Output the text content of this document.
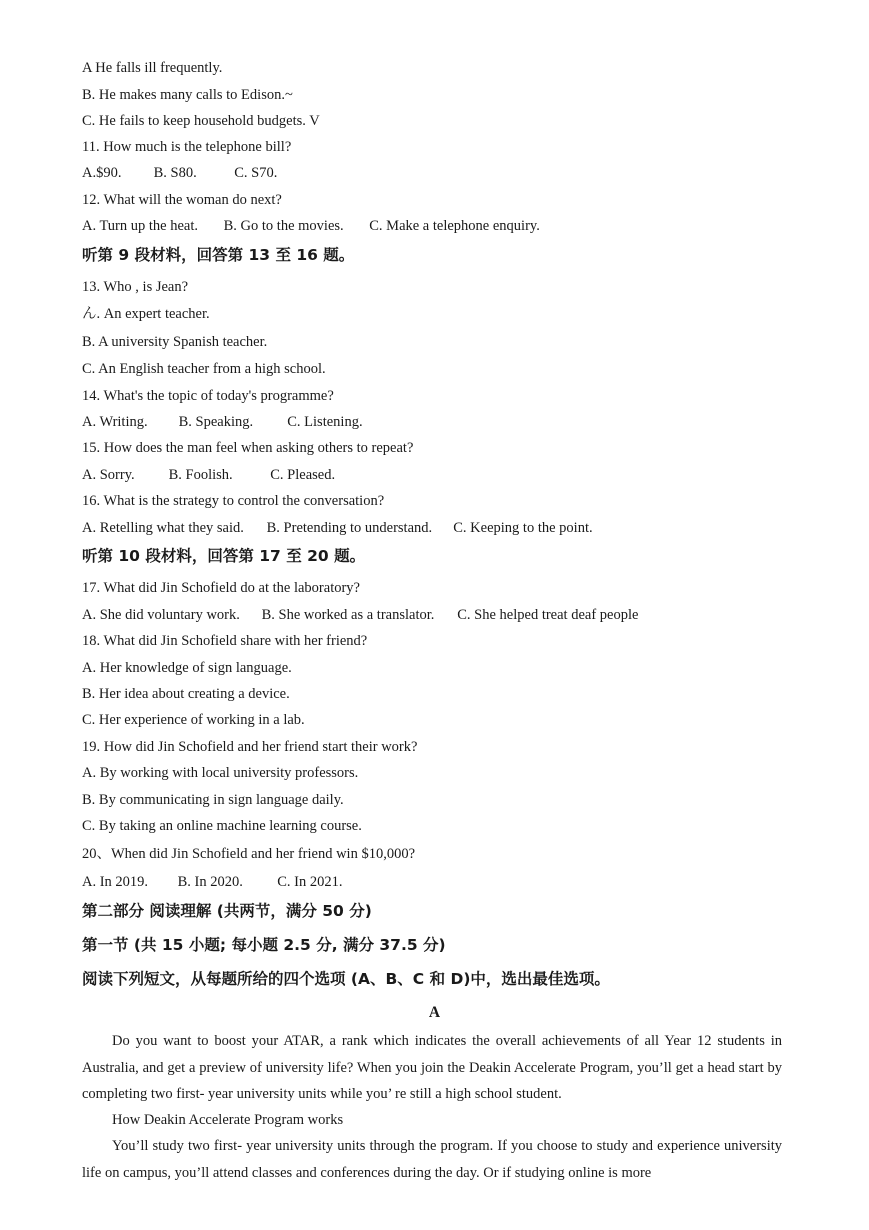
A He falls ill frequently.
B. He makes many calls to Edison.~
C. He fails to keep household budgets. V
11. How much is the telephone bill?
A.$90. B. S80.	C. S70.
12. What will the woman do next?
A. Turn up the heat. B. Go to the movies. C. Make a telephone enquiry.
听第 9 段材料，回答第 13 至 16 题。
13. Who , is Jean?
ん. An expert teacher.
B. A university Spanish teacher.
C. An English teacher from a high school.
14. What's the topic of today's programme?
A. Writing. B. Speaking. C. Listening.
15. How does the man feel when asking others to repeat?
A. Sorry. B. Foolish.	C. Pleased.
16. What is the strategy to control the conversation?
A. Retelling what they said. B. Pretending to understand. C. Keeping to the point.
听第 10 段材料，回答第 17 至 20 题。
17. What did Jin Schofield do at the laboratory?
A. She did voluntary work. B. She worked as a translator. C. She helped treat deaf people
18. What did Jin Schofield share with her friend?
A. Her knowledge of sign language.
B. Her idea about creating a device.
C. Her experience of working in a lab.
19. How did Jin Schofield and her friend start their work?
A. By working with local university professors.
B. By communicating in sign language daily.
C. By taking an online machine learning course.
20、When did Jin Schofield and her friend win $10,000?
A. In 2019. B. In 2020. C. In 2021.
第二部分 阅读理解 (共两节，满分 50 分)
第一节 (共 15 小题; 每小题 2.5 分, 满分 37.5 分)
阅读下列短文，从每题所给的四个选项 (A、B、C 和 D)中，选出最佳选项。
A
Do you want to boost your ATAR, a rank which indicates the overall achievements of all Year 12 students in Australia, and get a preview of university life? When you join the Deakin Accelerate Program, you’ll get a head start by completing two first- year university units while you’ re still a high school student.
How Deakin Accelerate Program works
You’ll study two first- year university units through the program. If you choose to study and experience university life on campus, you’ll attend classes and conferences during the day. Or if studying online is more
